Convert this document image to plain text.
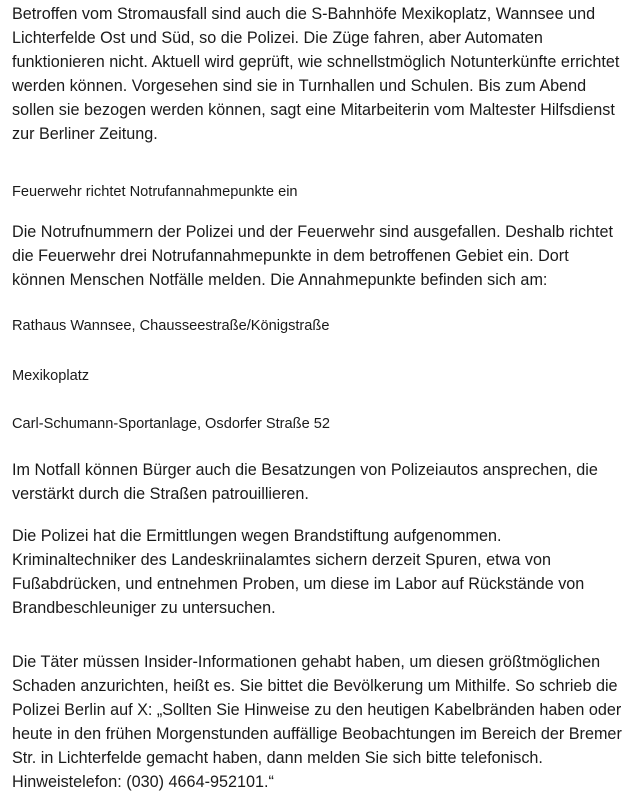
Betroffen vom Stromausfall sind auch die S-Bahnhöfe Mexikoplatz, Wannsee und Lichterfelde Ost und Süd, so die Polizei. Die Züge fahren, aber Automaten funktionieren nicht. Aktuell wird geprüft, wie schnellstmöglich Notunterkünfte errichtet werden können. Vorgesehen sind sie in Turnhallen und Schulen. Bis zum Abend sollen sie bezogen werden können, sagt eine Mitarbeiterin vom Maltester Hilfsdienst zur Berliner Zeitung.

Feuerwehr richtet Notrufannahmepunkte ein

Die Notrufnummern der Polizei und der Feuerwehr sind ausgefallen. Deshalb richtet die Feuerwehr drei Notrufannahmepunkte in dem betroffenen Gebiet ein. Dort können Menschen Notfälle melden. Die Annahmepunkte befinden sich am:

Rathaus Wannsee, Chausseestraße/Königstraße

Mexikoplatz

Carl-Schumann-Sportanlage, Osdorfer Straße 52

Im Notfall können Bürger auch die Besatzungen von Polizeiautos ansprechen, die verstärkt durch die Straßen patrouillieren.

Die Polizei hat die Ermittlungen wegen Brandstiftung aufgenommen. Kriminaltechniker des Landeskriinalamtes sichern derzeit Spuren, etwa von Fußabdrücken, und entnehmen Proben, um diese im Labor auf Rückstände von Brandbeschleuniger zu untersuchen.

Die Täter müssen Insider-Informationen gehabt haben, um diesen größtmöglichen Schaden anzurichten, heißt es. Sie bittet die Bevölkerung um Mithilfe. So schrieb die Polizei Berlin auf X: „Sollten Sie Hinweise zu den heutigen Kabelbränden haben oder heute in den frühen Morgenstunden auffällige Beobachtungen im Bereich der Bremer Str. in Lichterfelde gemacht haben, dann melden Sie sich bitte telefonisch. Hinweistelefon: (030) 4664-952101.“
